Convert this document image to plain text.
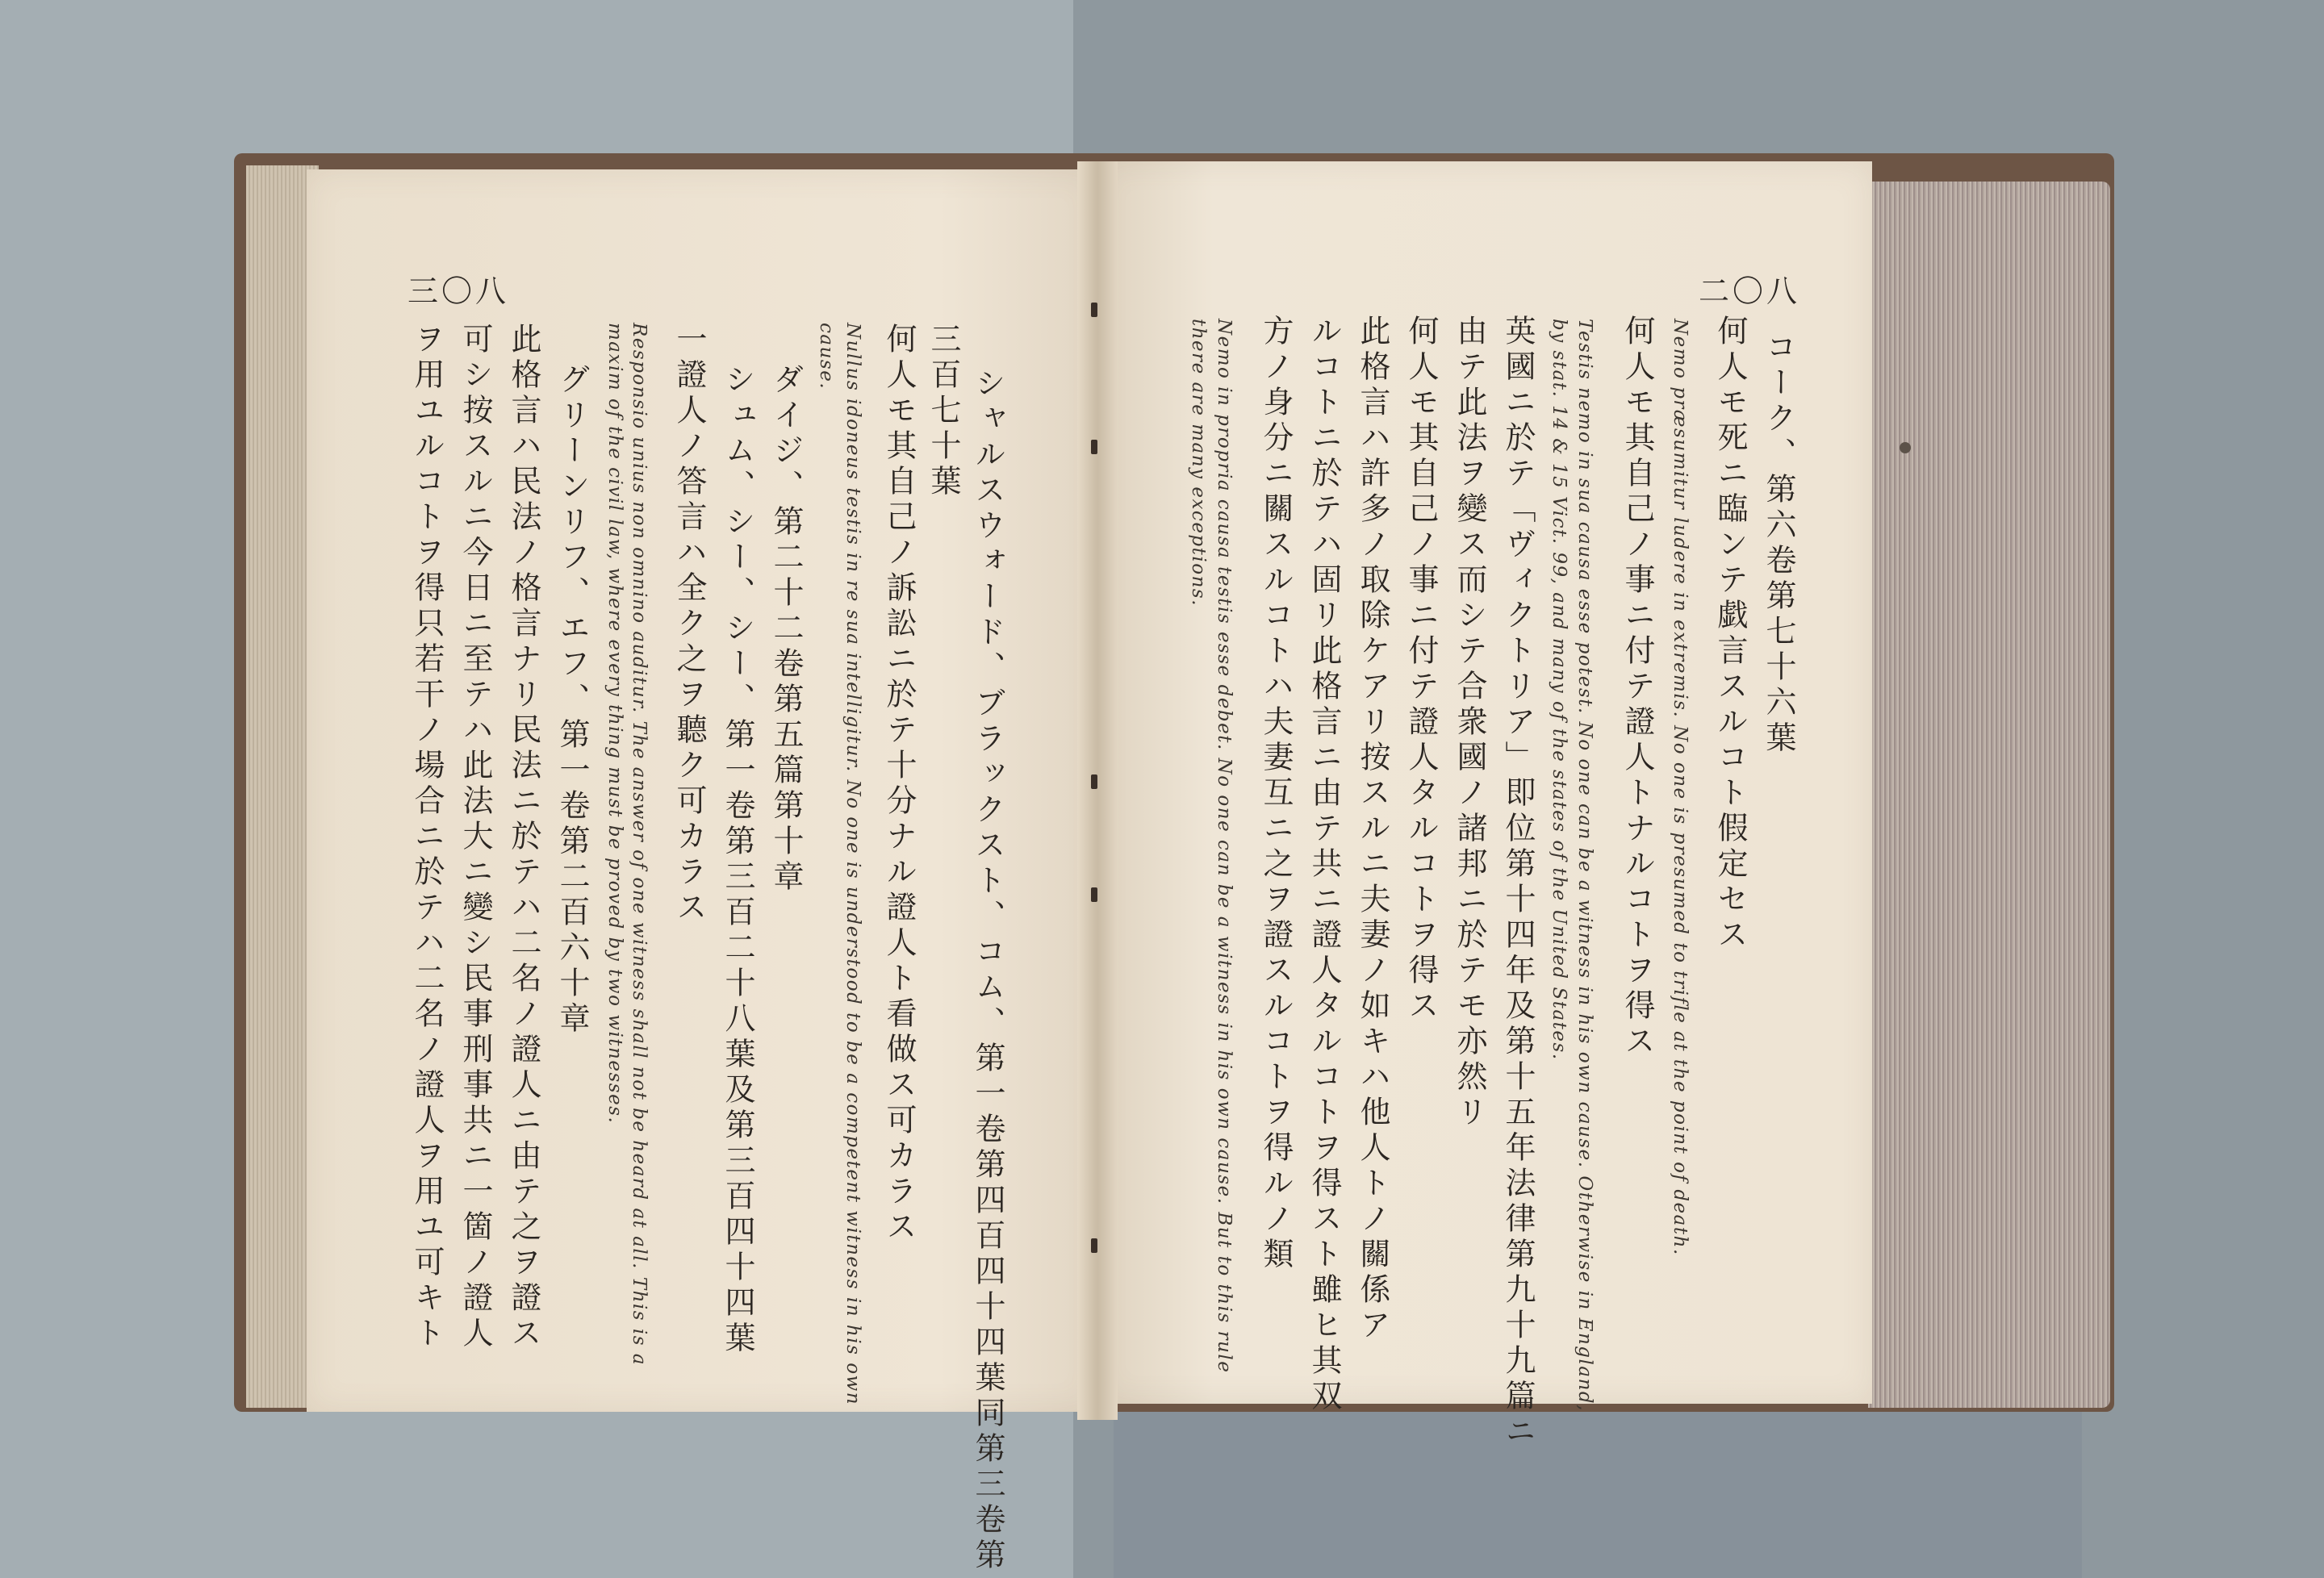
三〇八	二〇八
シャルスウォード、ブラックスト、コム、第一卷第四百四十四葉同第三卷第
三百七十葉
何人モ其自己ノ訴訟ニ於テ十分ナル證人ト看做ス可カラス
Nullus idoneus testis in re sua intelligitur. No one is understood to be a competent witness in his own
cause.
ダイジ、第二十二卷第五篇第十章
シュム、シー、シー、第一卷第三百二十八葉及第三百四十四葉
一證人ノ答言ハ全ク之ヲ聽ク可カラス
Responsio unius non omnino auditur. The answer of one witness shall not be heard at all. This is a
maxim of the civil law, where every thing must be proved by two witnesses.
グリーンリフ、エフ、第一卷第二百六十章
此格言ハ民法ノ格言ナリ民法ニ於テハ二名ノ證人ニ由テ之ヲ證ス
可シ按スルニ今日ニ至テハ此法大ニ變シ民事刑事共ニ一箇ノ證人
ヲ用ユルコトヲ得只若干ノ場合ニ於テハ二名ノ證人ヲ用ユ可キト	コーク、第六卷第七十六葉
何人モ死ニ臨ンテ戯言スルコト假定セス
Nemo præsumitur ludere in extremis. No one is presumed to trifle at the point of death.
何人モ其自己ノ事ニ付テ證人トナルコトヲ得ス
Testis nemo in sua causa esse potest. No one can be a witness in his own cause. Otherwise in England,
by stat. 14 & 15 Vict. 99, and many of the states of the United States.
英國ニ於テ「ヴィクトリア」即位第十四年及第十五年法律第九十九篇ニ
由テ此法ヲ變ス而シテ合衆國ノ諸邦ニ於テモ亦然リ
何人モ其自己ノ事ニ付テ證人タルコトヲ得ス
此格言ハ許多ノ取除ケアリ按スルニ夫妻ノ如キハ他人トノ關係ア
ルコトニ於テハ固リ此格言ニ由テ共ニ證人タルコトヲ得スト雖ヒ其双
方ノ身分ニ關スルコトハ夫妻互ニ之ヲ證スルコトヲ得ルノ類
Nemo in propria causa testis esse debet. No one can be a witness in his own cause. But to this rule
there are many exceptions.
